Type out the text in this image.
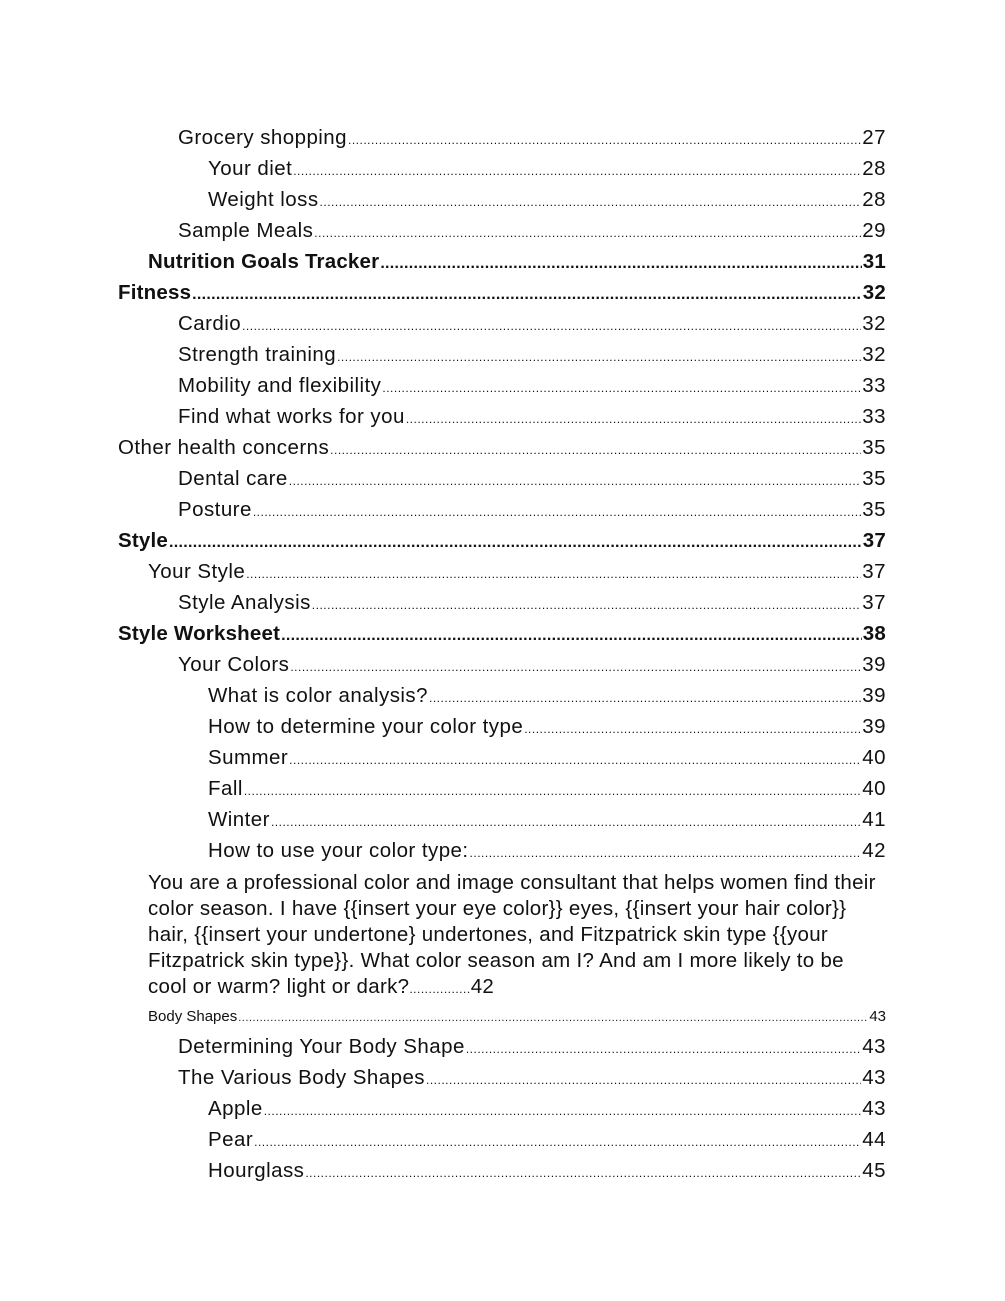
Grocery shopping .....	27
Your diet .....	28
Weight loss .....	28
Sample Meals .....	29
Nutrition Goals Tracker .....	31
Fitness .....	32
Cardio .....	32
Strength training .....	32
Mobility and flexibility .....	33
Find what works for you .....	33
Other health concerns .....	35
Dental care .....	35
Posture .....	35
Style .....	37
Your Style .....	37
Style Analysis .....	37
Style Worksheet .....	38
Your Colors .....	39
What is color analysis? .....	39
How to determine your color type .....	39
Summer .....	40
Fall .....	40
Winter .....	41
How to use your color type: .....	42
You are a professional color and image consultant that helps women find their color season. I have {{insert your eye color}} eyes, {{insert your hair color}} hair, {{insert your undertone} undertones, and Fitzpatrick skin type {{your Fitzpatrick skin type}}. What color season am I? And am I more likely to be cool or warm? light or dark? .....	42
Body Shapes .....	43
Determining Your Body Shape .....	43
The Various Body Shapes .....	43
Apple .....	43
Pear .....	44
Hourglass .....	45
